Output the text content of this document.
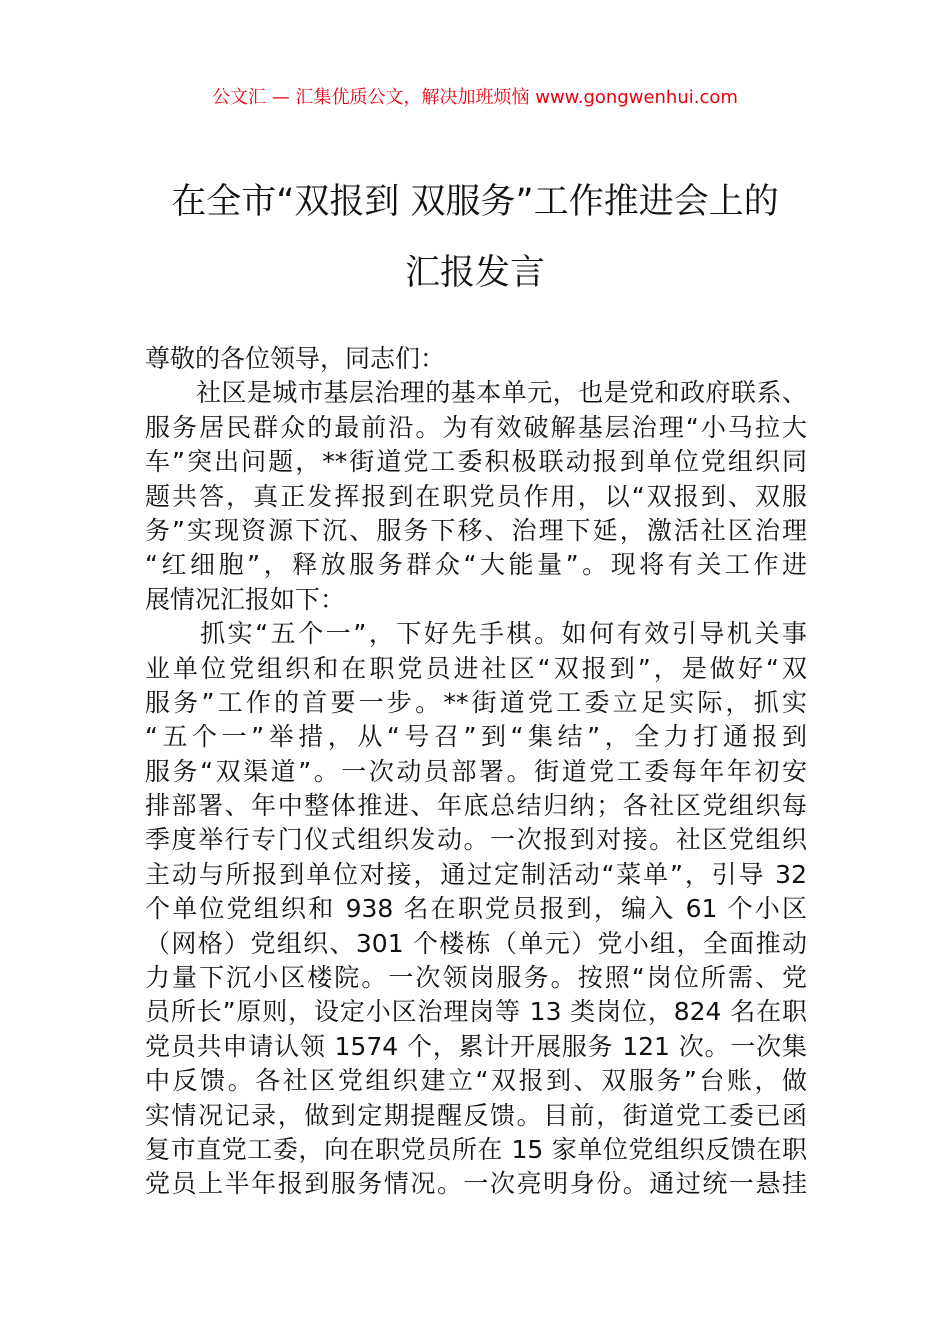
公文汇 — 汇集优质公文，解决加班烦恼 www.gongwenhui.com
在全市“双报到 双服务”工作推进会上的
汇报发言
尊敬的各位领导，同志们：
　　社区是城市基层治理的基本单元，也是党和政府联系、
服务居民群众的最前沿。为有效破解基层治理“小马拉大
车”突出问题，**街道党工委积极联动报到单位党组织同
题共答，真正发挥报到在职党员作用，以“双报到、双服
务”实现资源下沉、服务下移、治理下延，激活社区治理
“红细胞”，释放服务群众“大能量”。现将有关工作进
展情况汇报如下：
　　抓实“五个一”，下好先手棋。如何有效引导机关事
业单位党组织和在职党员进社区“双报到”，是做好“双
服务”工作的首要一步。**街道党工委立足实际，抓实
“五个一”举措，从“号召”到“集结”，全力打通报到
服务“双渠道”。一次动员部署。街道党工委每年年初安
排部署、年中整体推进、年底总结归纳；各社区党组织每
季度举行专门仪式组织发动。一次报到对接。社区党组织
主动与所报到单位对接，通过定制活动“菜单”，引导 32
个单位党组织和 938 名在职党员报到，编入 61 个小区
（网格）党组织、301 个楼栋（单元）党小组，全面推动
力量下沉小区楼院。一次领岗服务。按照“岗位所需、党
员所长”原则，设定小区治理岗等 13 类岗位，824 名在职
党员共申请认领 1574 个，累计开展服务 121 次。一次集
中反馈。各社区党组织建立“双报到、双服务”台账，做
实情况记录，做到定期提醒反馈。目前，街道党工委已函
复市直党工委，向在职党员所在 15 家单位党组织反馈在职
党员上半年报到服务情况。一次亮明身份。通过统一悬挂
